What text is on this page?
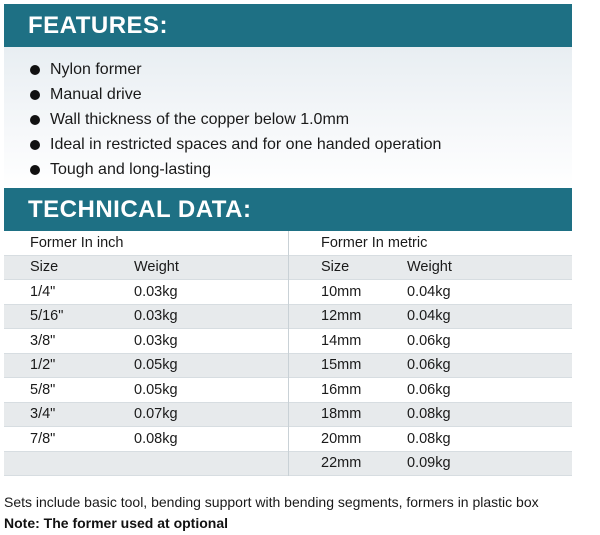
FEATURES:
Nylon former
Manual drive
Wall thickness of the copper below 1.0mm
Ideal in restricted spaces and for one handed operation
Tough and long-lasting
TECHNICAL DATA:
Former In inch
Size	Weight
1/4"	0.03kg
5/16"	0.03kg
3/8"	0.03kg
1/2"	0.05kg
5/8"	0.05kg
3/4"	0.07kg
7/8"	0.08kg
Former In metric
Size	Weight
10mm	0.04kg
12mm	0.04kg
14mm	0.06kg
15mm	0.06kg
16mm	0.06kg
18mm	0.08kg
20mm	0.08kg
22mm	0.09kg
Sets include basic tool, bending support with bending segments, formers in plastic box
Note: The former used at optional
